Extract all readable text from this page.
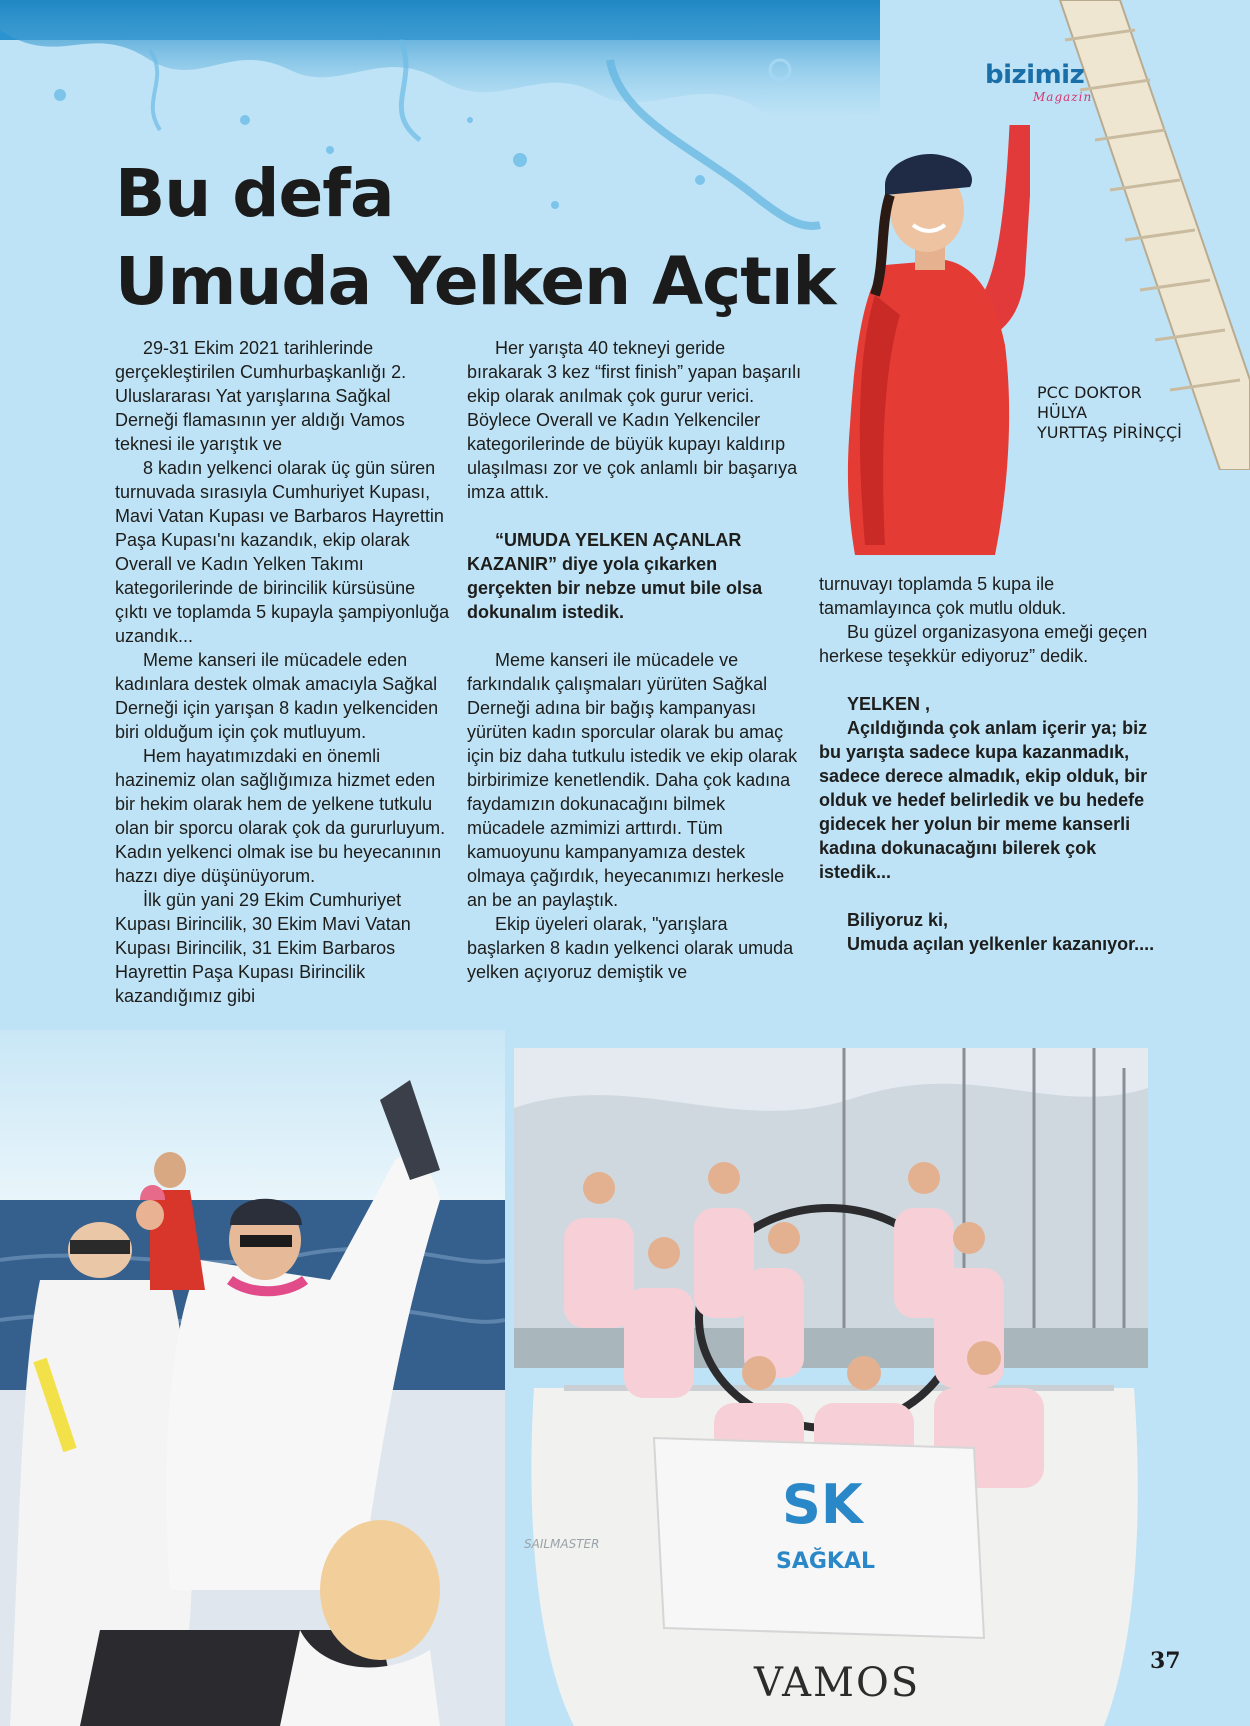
bizimiz
Magazin
Bu defa
Umuda Yelken Açtık
PCC DOKTOR
HÜLYA
YURTTAŞ PİRİNÇÇİ

29-31 Ekim 2021 tarihlerinde gerçekleştirilen Cumhurbaşkanlığı 2. Uluslararası Yat yarışlarına Sağkal Derneği flamasının yer aldığı Vamos teknesi ile yarıştık ve

8 kadın yelkenci olarak üç gün süren turnuvada sırasıyla Cumhuriyet Kupası, Mavi Vatan Kupası ve Barbaros Hayrettin Paşa Kupası'nı kazandık, ekip olarak Overall ve Kadın Yelken Takımı kategorilerinde de birincilik kürsüsüne çıktı ve toplamda 5 kupayla şampiyonluğa uzandık...

Meme kanseri ile mücadele eden kadınlara destek olmak amacıyla Sağkal Derneği için yarışan 8 kadın yelkenciden biri olduğum için çok mutluyum.

Hem hayatımızdaki en önemli hazinemiz olan sağlığımıza hizmet eden bir hekim olarak hem de yelkene tutkulu olan bir sporcu olarak çok da gururluyum. Kadın yelkenci olmak ise bu heyecanının hazzı diye düşünüyorum.

İlk gün yani 29 Ekim Cumhuriyet Kupası Birincilik, 30 Ekim Mavi Vatan Kupası Birincilik, 31 Ekim Barbaros Hayrettin Paşa Kupası Birincilik kazandığımız gibi

Her yarışta 40 tekneyi geride bırakarak 3 kez “first finish” yapan başarılı ekip olarak anılmak çok gurur verici. Böylece Overall ve Kadın Yelkenciler kategorilerinde de büyük kupayı kaldırıp ulaşılması zor ve çok anlamlı bir başarıya imza attık.

“UMUDA YELKEN AÇANLAR KAZANIR” diye yola çıkarken gerçekten bir nebze umut bile olsa dokunalım istedik.

Meme kanseri ile mücadele ve farkındalık çalışmaları yürüten Sağkal Derneği adına bir bağış kampanyası yürüten kadın sporcular olarak bu amaç için biz daha tutkulu istedik ve ekip olarak birbirimize kenetlendik. Daha çok kadına faydamızın dokunacağını bilmek mücadele azmimizi arttırdı. Tüm kamuoyunu kampanyamıza destek olmaya çağırdık, heyecanımızı herkesle an be an paylaştık.

Ekip üyeleri olarak, "yarışlara başlarken 8 kadın yelkenci olarak umuda yelken açıyoruz demiştik ve

turnuvayı toplamda 5 kupa ile tamamlayınca çok mutlu olduk.

Bu güzel organizasyona emeği geçen herkese teşekkür ediyoruz” dedik.

YELKEN ,

Açıldığında çok anlam içerir ya; biz bu yarışta sadece kupa kazanmadık, sadece derece almadık, ekip olduk, bir olduk ve hedef belirledik ve bu hedefe gidecek her yolun bir meme kanserli kadına dokunacağını bilerek çok istedik...

Biliyoruz ki,

Umuda açılan yelkenler kazanıyor....

SK
SAĞKAL
SAILMASTER
VAMOS	37
